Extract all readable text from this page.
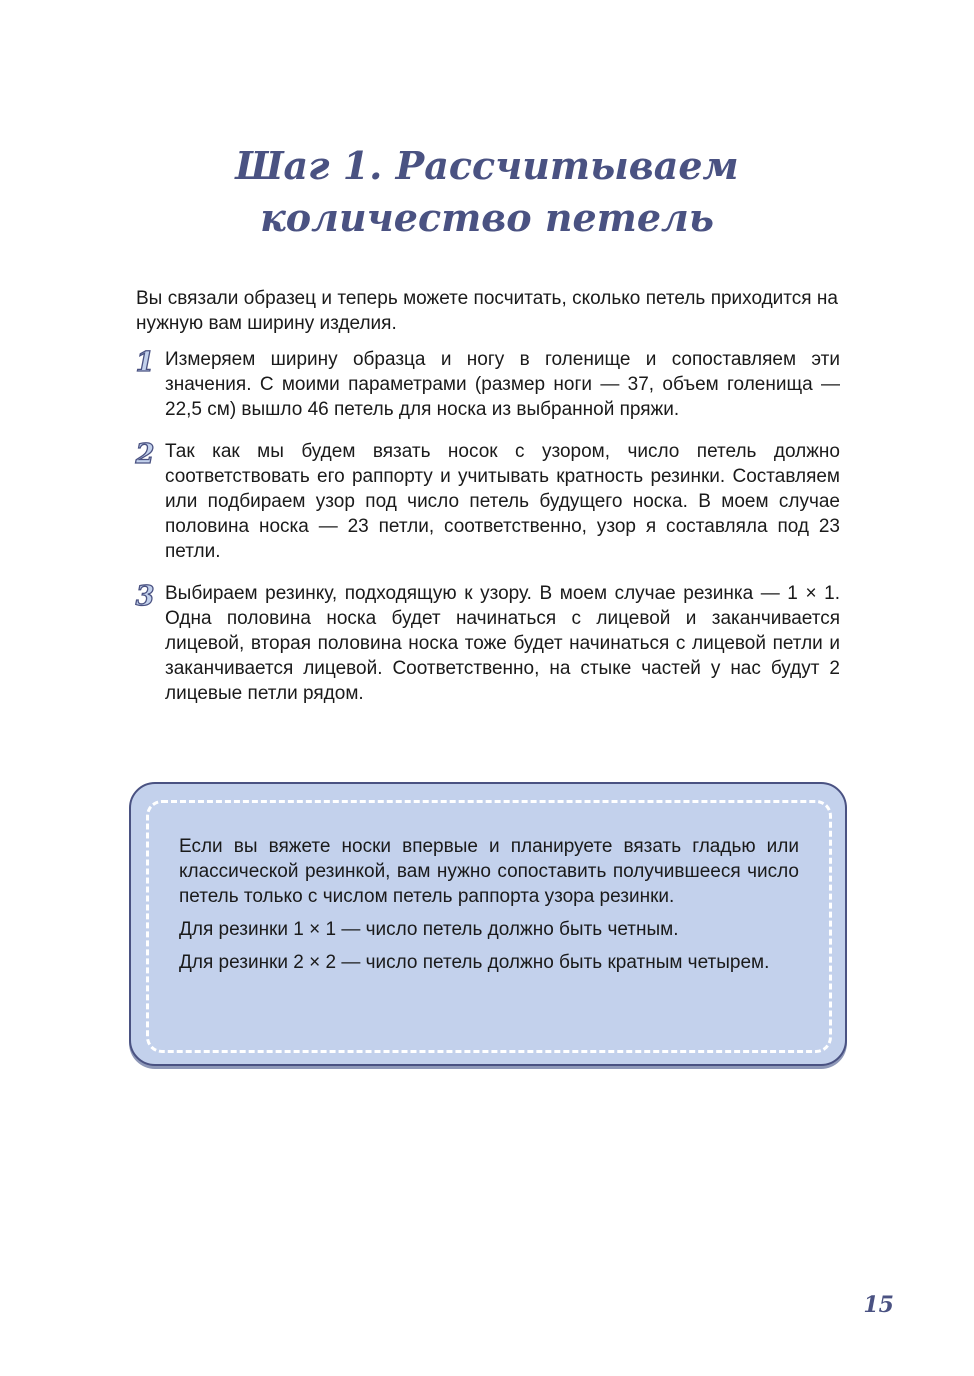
Шаг 1. Рассчитываем количество петель

Вы связали образец и теперь можете посчитать, сколько петель приходится на нужную вам ширину изделия.

1 Измеряем ширину образца и ногу в голенище и сопоставляем эти значения. С моими параметрами (размер ноги — 37, объем голенища — 22,5 см) вышло 46 петель для носка из выбранной пряжи.

2 Так как мы будем вязать носок с узором, число петель должно соответствовать его раппорту и учитывать кратность резинки. Составляем или подбираем узор под число петель будущего носка. В моем случае половина носка — 23 петли, соответственно, узор я составляла под 23 петли.

3 Выбираем резинку, подходящую к узору. В моем случае резинка — 1 × 1. Одна половина носка будет начинаться с лицевой и заканчивается лицевой, вторая половина носка тоже будет начинаться с лицевой петли и заканчивается лицевой. Соответственно, на стыке частей у нас будут 2 лицевые петли рядом.

Если вы вяжете носки впервые и планируете вязать гладью или классической резинкой, вам нужно сопоставить получившееся число петель только с числом петель раппорта узора резинки.

Для резинки 1 × 1 — число петель должно быть четным.

Для резинки 2 × 2 — число петель должно быть кратным четырем.

15
